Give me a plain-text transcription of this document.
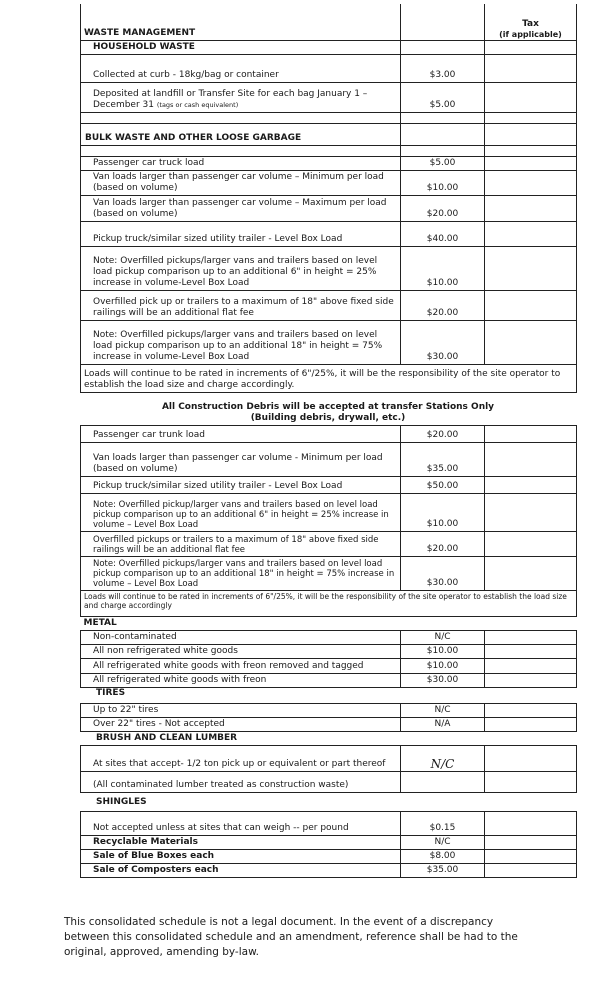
WASTE MANAGEMENT		Tax
(if applicable)

HOUSEHOLD WASTE		
Collected at curb - 18kg/bag or container	$3.00	
Deposited at landfill or Transfer Site for each bag January 1 – December 31 (tags or cash equivalent)	$5.00	

BULK WASTE AND OTHER LOOSE GARBAGE		

Passenger car truck load	$5.00	
Van loads larger than passenger car volume – Minimum per load (based on volume)	$10.00	
Van loads larger than passenger car volume – Maximum per load (based on volume)	$20.00	
Pickup truck/similar sized utility trailer - Level Box Load	$40.00	
Note: Overfilled pickups/larger vans and trailers based on level load pickup comparison up to an additional 6" in height = 25% increase in volume-Level Box Load	$10.00	
Overfilled pick up or trailers to a maximum of 18" above fixed side railings will be an additional flat fee	$20.00	
Note: Overfilled pickups/larger vans and trailers based on level load pickup comparison up to an additional 18" in height = 75% increase in volume-Level Box Load	$30.00	
Loads will continue to be rated in increments of 6"/25%, it will be the responsibility of the site operator to establish the load size and charge accordingly.		
All Construction Debris will be accepted at transfer Stations Only
(Building debris, drywall, etc.)
Passenger car trunk load	$20.00	
Van loads larger than passenger car volume - Minimum per load (based on volume)	$35.00	
Pickup truck/similar sized utility trailer - Level Box Load	$50.00	
Note: Overfilled pickup/larger vans and trailers based on level load pickup comparison up to an additional 6" in height = 25% increase in volume – Level Box Load	$10.00	
Overfilled pickups or trailers to a maximum of 18" above fixed side railings will be an additional flat fee	$20.00	
Note: Overfilled pickups/larger vans and trailers based on level load pickup comparison up to an additional 18" in height = 75% increase in volume – Level Box Load	$30.00	
Loads will continue to be rated in increments of 6"/25%, it will be the responsibility of the site operator to establish the load size and charge accordingly		
METAL		
Non-contaminated	N/C	
All non refrigerated white goods	$10.00	
All refrigerated white goods with freon removed and tagged	$10.00	
All refrigerated white goods with freon	$30.00	
TIRES
Up to 22" tires	N/C	
Over 22" tires - Not accepted	N/A	
BRUSH AND CLEAN LUMBER
At sites that accept- 1/2 ton pick up or equivalent or part thereof	N/C	
(All contaminated lumber treated as construction waste)		
SHINGLES
Not accepted unless at sites that can weigh -- per pound	$0.15	
Recyclable Materials	N/C	
Sale of Blue Boxes each	$8.00	
Sale of Composters each	$35.00	
This consolidated schedule is not a legal document. In the event of a discrepancy between this consolidated schedule and an amendment, reference shall be had to the original, approved, amending by-law.
